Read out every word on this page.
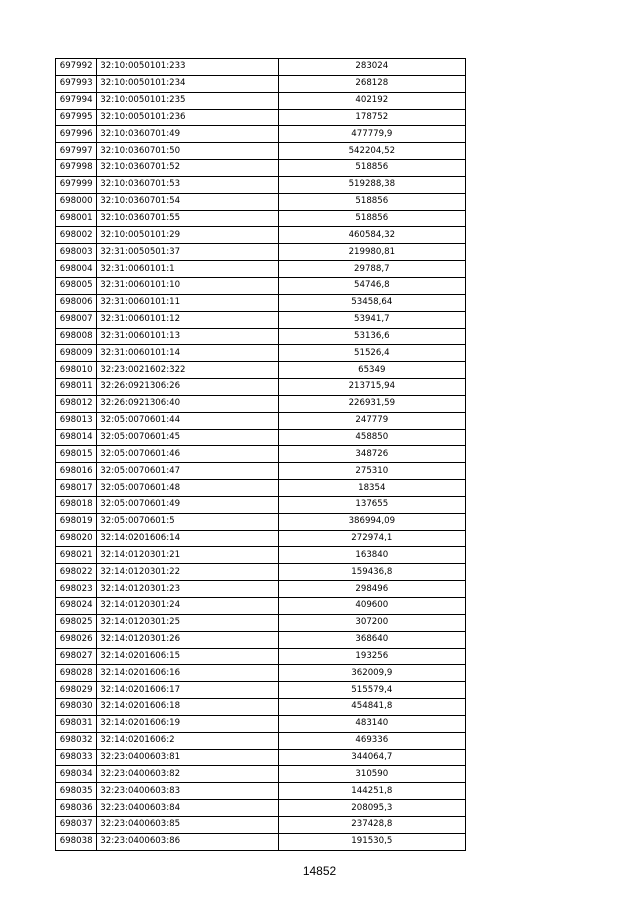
697992	32:10:0050101:233	283024
697993	32:10:0050101:234	268128
697994	32:10:0050101:235	402192
697995	32:10:0050101:236	178752
697996	32:10:0360701:49	477779,9
697997	32:10:0360701:50	542204,52
697998	32:10:0360701:52	518856
697999	32:10:0360701:53	519288,38
698000	32:10:0360701:54	518856
698001	32:10:0360701:55	518856
698002	32:10:0050101:29	460584,32
698003	32:31:0050501:37	219980,81
698004	32:31:0060101:1	29788,7
698005	32:31:0060101:10	54746,8
698006	32:31:0060101:11	53458,64
698007	32:31:0060101:12	53941,7
698008	32:31:0060101:13	53136,6
698009	32:31:0060101:14	51526,4
698010	32:23:0021602:322	65349
698011	32:26:0921306:26	213715,94
698012	32:26:0921306:40	226931,59
698013	32:05:0070601:44	247779
698014	32:05:0070601:45	458850
698015	32:05:0070601:46	348726
698016	32:05:0070601:47	275310
698017	32:05:0070601:48	18354
698018	32:05:0070601:49	137655
698019	32:05:0070601:5	386994,09
698020	32:14:0201606:14	272974,1
698021	32:14:0120301:21	163840
698022	32:14:0120301:22	159436,8
698023	32:14:0120301:23	298496
698024	32:14:0120301:24	409600
698025	32:14:0120301:25	307200
698026	32:14:0120301:26	368640
698027	32:14:0201606:15	193256
698028	32:14:0201606:16	362009,9
698029	32:14:0201606:17	515579,4
698030	32:14:0201606:18	454841,8
698031	32:14:0201606:19	483140
698032	32:14:0201606:2	469336
698033	32:23:0400603:81	344064,7
698034	32:23:0400603:82	310590
698035	32:23:0400603:83	144251,8
698036	32:23:0400603:84	208095,3
698037	32:23:0400603:85	237428,8
698038	32:23:0400603:86	191530,5
14852
